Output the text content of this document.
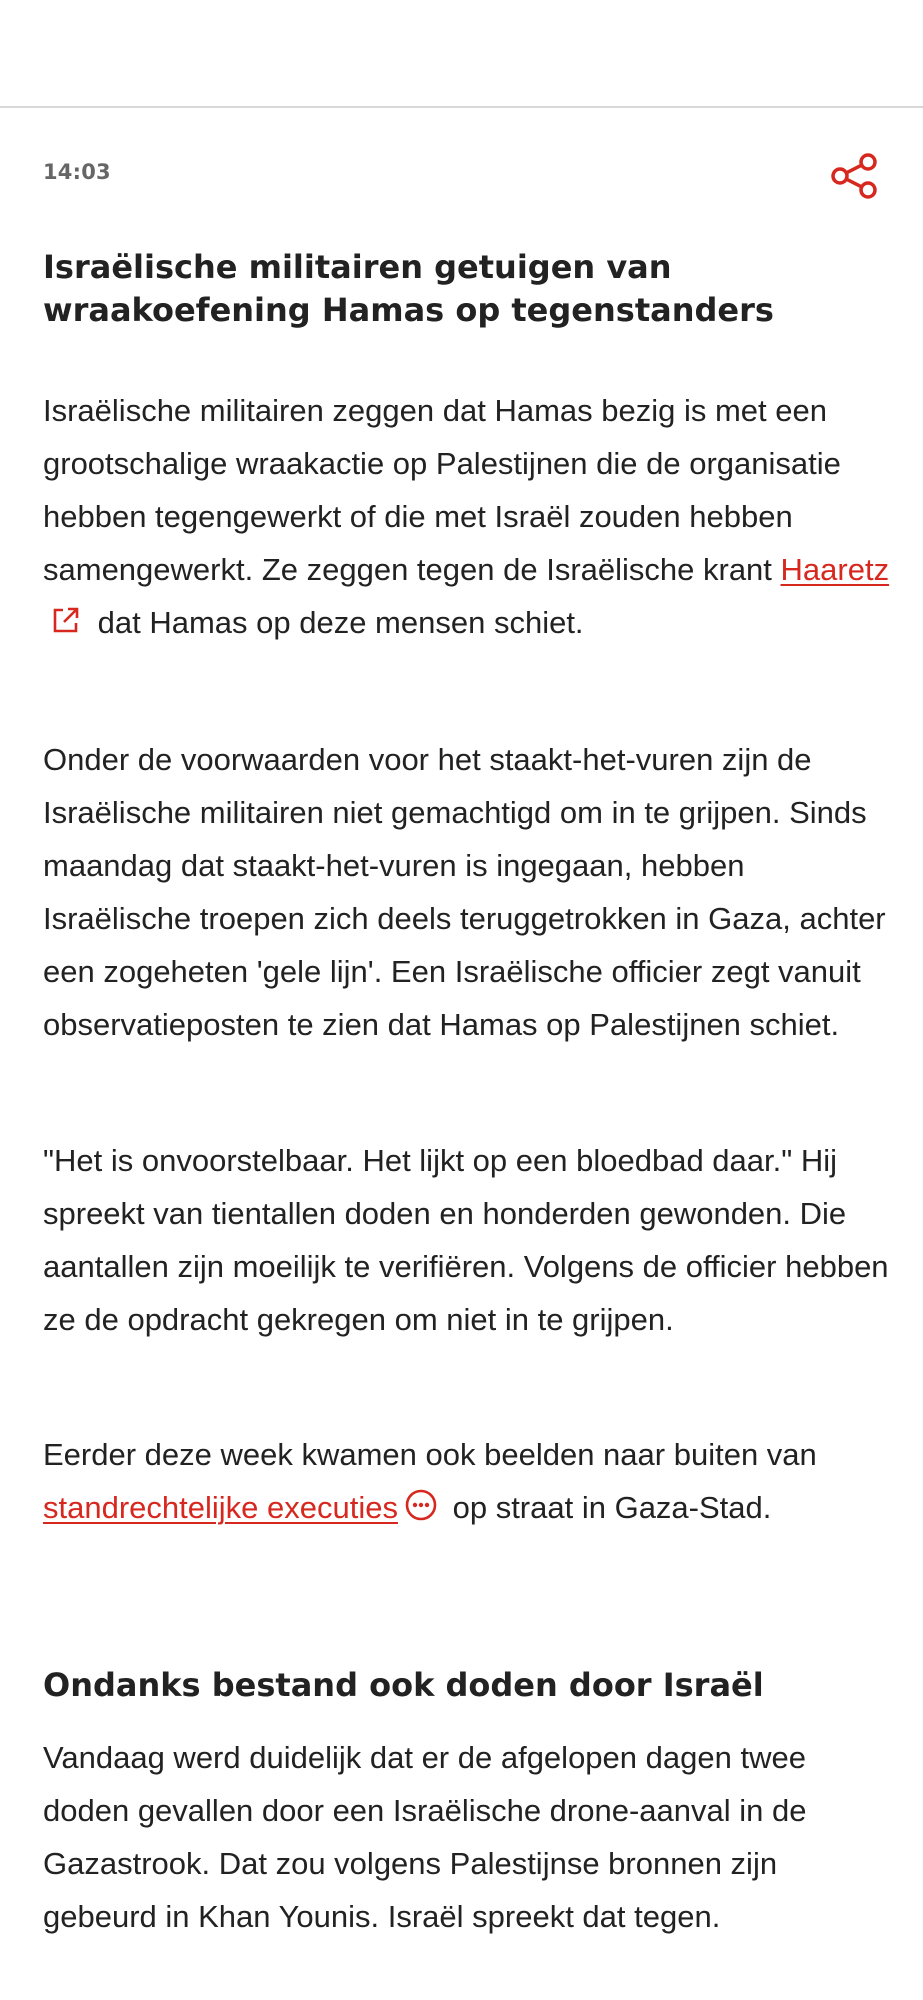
14:03
Israëlische militairen getuigen van wraakoefening Hamas op tegenstanders

Israëlische militairen zeggen dat Hamas bezig is met een grootschalige wraakactie op Palestijnen die de organisatie hebben tegengewerkt of die met Israël zouden hebben samengewerkt. Ze zeggen tegen de Israëlische krant Haaretz dat Hamas op deze mensen schiet.

Onder de voorwaarden voor het staakt-het-vuren zijn de Israëlische militairen niet gemachtigd om in te grijpen. Sinds maandag dat staakt-het-vuren is ingegaan, hebben Israëlische troepen zich deels teruggetrokken in Gaza, achter een zogeheten 'gele lijn'. Een Israëlische officier zegt vanuit observatieposten te zien dat Hamas op Palestijnen schiet.

"Het is onvoorstelbaar. Het lijkt op een bloedbad daar." Hij spreekt van tientallen doden en honderden gewonden. Die aantallen zijn moeilijk te verifiëren. Volgens de officier hebben ze de opdracht gekregen om niet in te grijpen.

Eerder deze week kwamen ook beelden naar buiten van standrechtelijke executies op straat in Gaza-Stad.

Ondanks bestand ook doden door Israël

Vandaag werd duidelijk dat er de afgelopen dagen twee doden gevallen door een Israëlische drone-aanval in de Gazastrook. Dat zou volgens Palestijnse bronnen zijn gebeurd in Khan Younis. Israël spreekt dat tegen.
